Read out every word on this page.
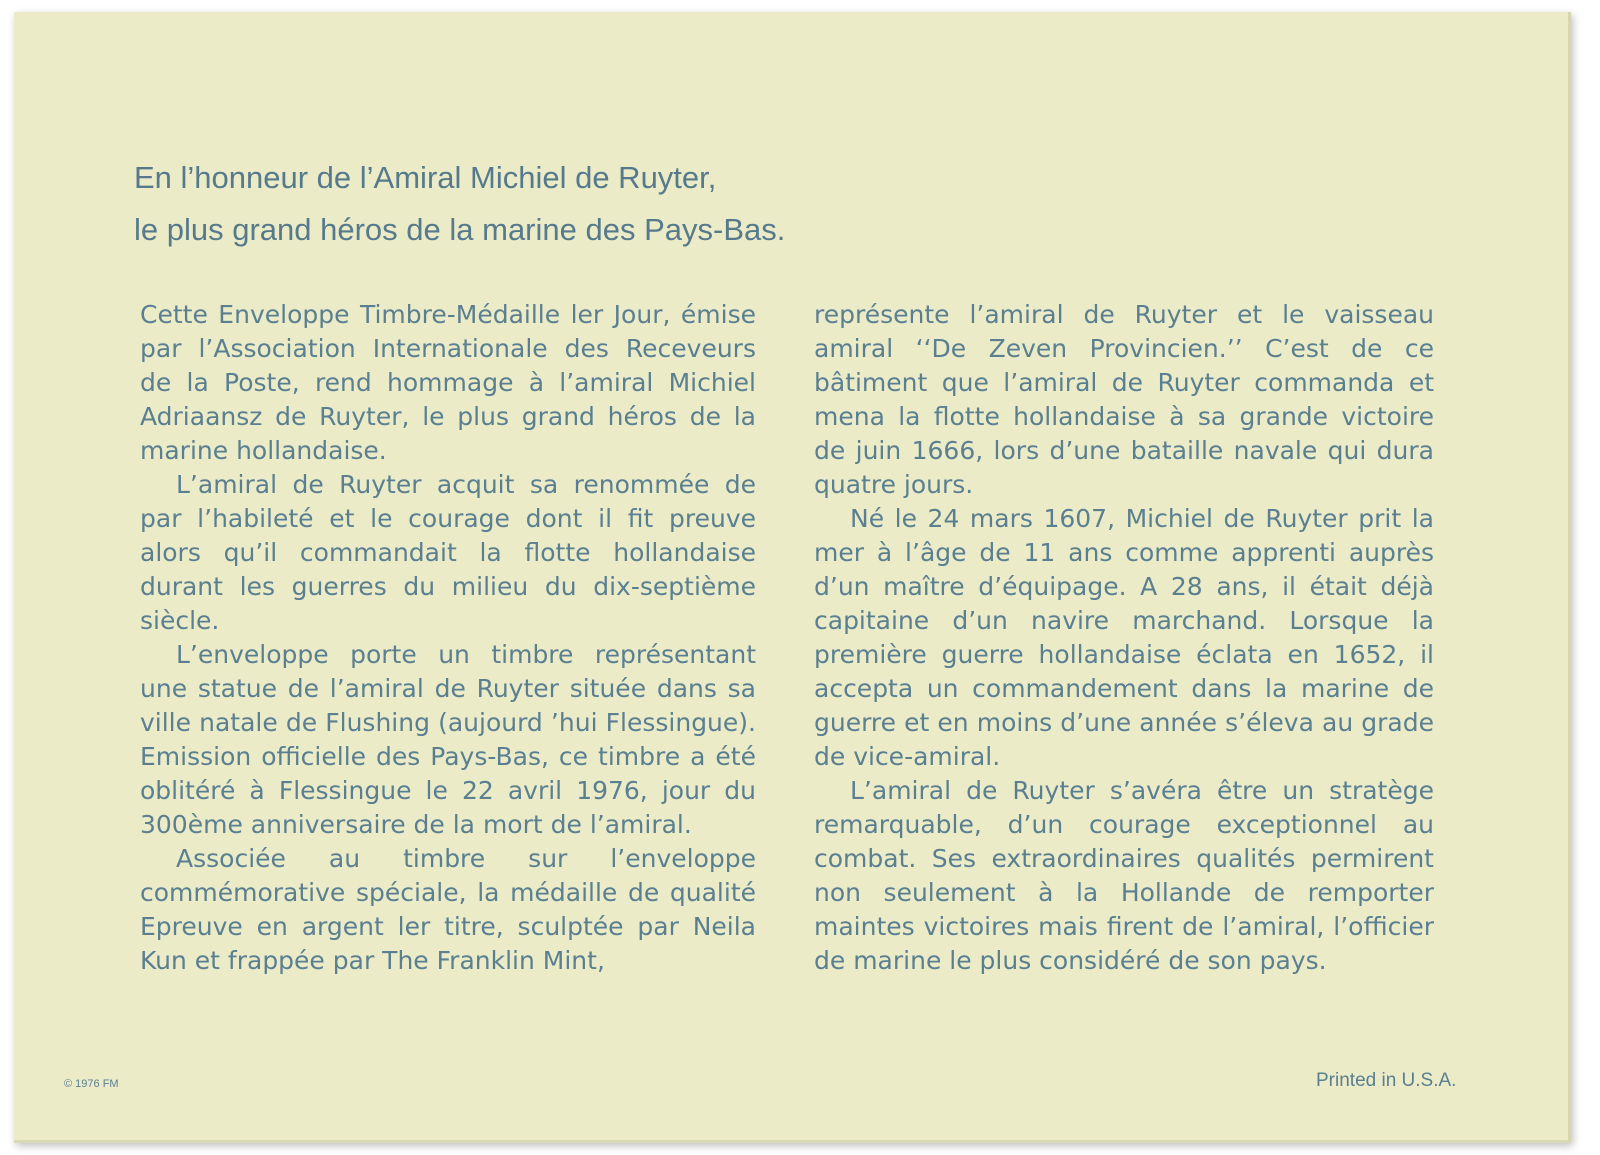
En l’honneur de l’Amiral Michiel de Ruyter,
le plus grand héros de la marine des Pays-Bas.

Cette Enveloppe Timbre-Médaille ler Jour, émise par l’Association Internationale des Receveurs de la Poste, rend hommage à l’amiral Michiel Adriaansz de Ruyter, le plus grand héros de la marine hollandaise.

L’amiral de Ruyter acquit sa renommée de par l’habileté et le courage dont il fit preuve alors qu’il commandait la flotte hollandaise durant les guerres du milieu du dix-septième siècle.

L’enveloppe porte un timbre représentant une statue de l’amiral de Ruyter située dans sa ville natale de Flushing (aujourd ’hui Flessingue). Emission officielle des Pays-Bas, ce timbre a été oblitéré à Flessingue le 22 avril 1976, jour du 300ème anniversaire de la mort de l’amiral.

Associée au timbre sur l’enveloppe commémorative spéciale, la médaille de qualité Epreuve en argent ler titre, sculptée par Neila Kun et frappée par The Franklin Mint,

représente l’amiral de Ruyter et le vaisseau amiral ‘‘De Zeven Provincien.’’ C’est de ce bâtiment que l’amiral de Ruyter commanda et mena la flotte hollandaise à sa grande victoire de juin 1666, lors d’une bataille navale qui dura quatre jours.

Né le 24 mars 1607, Michiel de Ruyter prit la mer à l’âge de 11 ans comme apprenti auprès d’un maître d’équipage. A 28 ans, il était déjà capitaine d’un navire marchand. Lorsque la première guerre hollandaise éclata en 1652, il accepta un commandement dans la marine de guerre et en moins d’une année s’éleva au grade de vice-amiral.

L’amiral de Ruyter s’avéra être un stratège remarquable, d’un courage exceptionnel au combat. Ses extraordinaires qualités permirent non seulement à la Hollande de remporter maintes victoires mais firent de l’amiral, l’officier de marine le plus considéré de son pays.

© 1976 FM	Printed in U.S.A.
